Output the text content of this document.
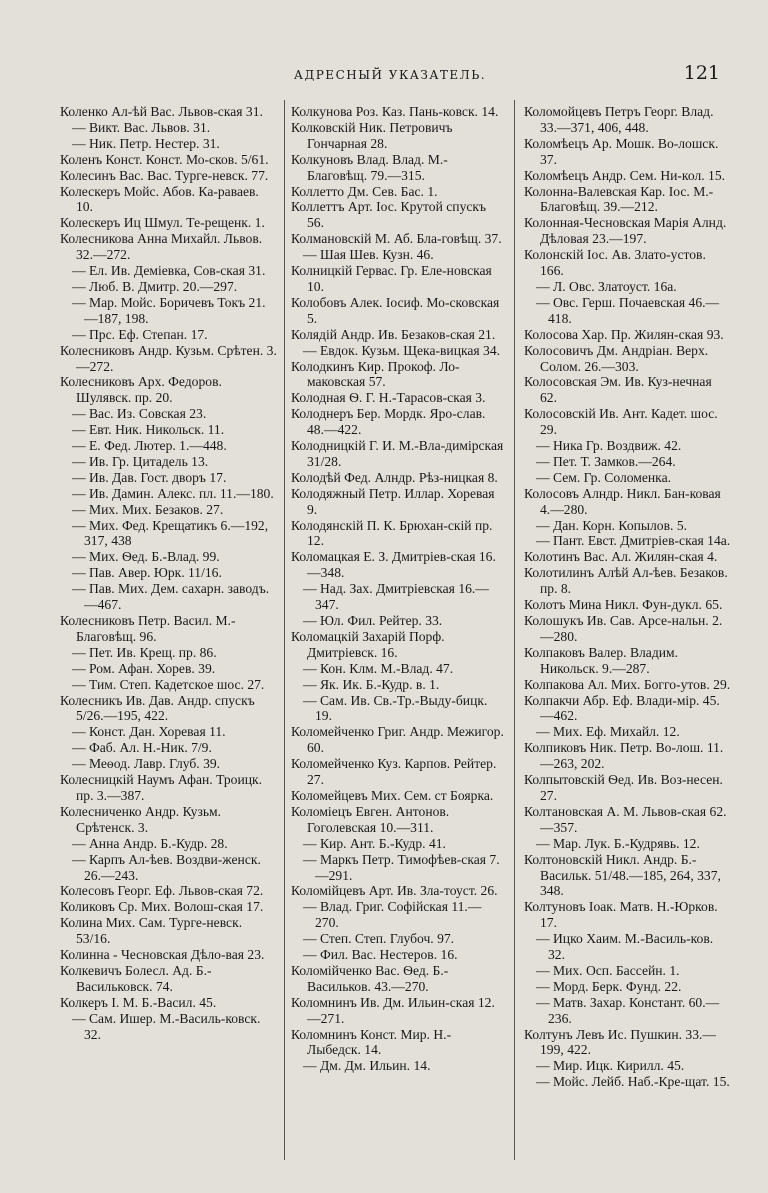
АДРЕСНЫЙ УКАЗАТЕЛЬ.	121

Коленко Ал-ѣй Вас. Львов-ская 31.

— Викт. Вас. Львов. 31.

— Ник. Петр. Нестер. 31.

Коленъ Конст. Конст. Мо-сков. 5/61.

Колесинъ Вас. Вас. Турге-невск. 77.

Колескеръ Мойс. Абов. Ка-раваев. 10.

Колескеръ Иц Шмул. Те-рещенк. 1.

Колесникова Анна Михайл. Львов. 32.—272.

— Ел. Ив. Деміевка, Сов-ская 31.

— Люб. В. Дмитр. 20.—297.

— Мар. Мойс. Боричевъ Токъ 21.—187, 198.

— Прс. Еф. Степан. 17.

Колесниковъ Андр. Кузьм. Срѣтен. 3.—272.

Колесниковъ Арх. Федоров. Шулявск. пр. 20.

— Вас. Из. Совская 23.

— Евт. Ник. Никольск. 11.

— Е. Фед. Лютер. 1.—448.

— Ив. Гр. Цитадель 13.

— Ив. Дав. Гост. дворъ 17.

— Ив. Дамин. Алекс. пл. 11.—180.

— Мих. Мих. Безаков. 27.

— Мих. Фед. Крещатикъ 6.—192, 317, 438

— Мих. Ѳед. Б.-Влад. 99.

— Пав. Авер. Юрк. 11/16.

— Пав. Мих. Дем. сахарн. заводъ.—467.

Колесниковъ Петр. Васил. М.-Благовѣщ. 96.

— Пет. Ив. Крещ. пр. 86.

— Ром. Афан. Хорев. 39.

— Тим. Степ. Кадетское шос. 27.

Колесникъ Ив. Дав. Андр. спускъ 5/26.—195, 422.

— Конст. Дан. Хоревая 11.

— Фаб. Ал. Н.-Ник. 7/9.

— Меѳод. Лавр. Глуб. 39.

Колесницкій Наумъ Афан. Троицк. пр. 3.—387.

Колесниченко Андр. Кузьм. Срѣтенск. 3.

— Анна Андр. Б.-Кудр. 28.

— Карпъ Ал-ѣев. Воздви-женск. 26.—243.

Колесовъ Георг. Еф. Львов-ская 72.

Коликовъ Ср. Мих. Волош-ская 17.

Колина Мих. Сам. Турге-невск. 53/16.

Колинна - Чесновская Дѣло-вая 23.

Колкевичъ Болесл. Ад. Б.-Васильковск. 74.

Колкеръ І. М. Б.-Васил. 45.

— Сам. Ишер. М.-Василь-ковск. 32.

Колкунова Роз. Каз. Пань-ковск. 14.

Колковскій Ник. Петровичъ Гончарная 28.

Колкуновъ Влад. Влад. М.-Благовѣщ. 79.—315.

Коллетто Дм. Сев. Бас. 1.

Коллеттъ Арт. Іос. Крутой спускъ 56.

Колмановскій М. Аб. Бла-говѣщ. 37.

— Шая Шев. Кузн. 46.

Колницкій Гервас. Гр. Еле-новская 10.

Колобовъ Алек. Іосиф. Мо-сковская 5.

Колядій Андр. Ив. Безаков-ская 21.

— Евдок. Кузьм. Щека-вицкая 34.

Колодкинъ Кир. Прокоф. Ло-маковская 57.

Колодная Ѳ. Г. Н.-Тарасов-ская 3.

Колоднеръ Бер. Мордк. Яро-слав. 48.—422.

Колодницкій Г. И. М.-Вла-димірская 31/28.

Колодѣй Фед. Алндр. Рѣз-ницкая 8.

Колодяжный Петр. Иллар. Хоревая 9.

Колодянскій П. К. Брюхан-скій пр. 12.

Коломацкая Е. З. Дмитріев-ская 16.—348.

— Над. Зах. Дмитріевская 16.—347.

— Юл. Фил. Рейтер. 33.

Коломацкій Захарій Порф. Дмитріевск. 16.

— Кон. Клм. М.-Влад. 47.

— Як. Ик. Б.-Кудр. в. 1.

— Сам. Ив. Св.-Тр.-Выду-бицк. 19.

Коломейченко Григ. Андр. Межигор. 60.

Коломейченко Куз. Карпов. Рейтер. 27.

Коломейцевъ Мих. Сем. ст Боярка.

Коломіецъ Евген. Антонов. Гоголевская 10.—311.

— Кир. Ант. Б.-Кудр. 41.

— Маркъ Петр. Тимофѣев-ская 7.—291.

Коломійцевъ Арт. Ив. Зла-тоуст. 26.

— Влад. Григ. Софійская 11.—270.

— Степ. Степ. Глубоч. 97.

— Фил. Вас. Нестеров. 16.

Коломійченко Вас. Ѳед. Б.-Васильков. 43.—270.

Коломнинъ Ив. Дм. Ильин-ская 12.—271.

Коломнинъ Конст. Мир. Н.-Лыбедск. 14.

— Дм. Дм. Ильин. 14.

Коломойцевъ Петръ Георг. Влад. 33.—371, 406, 448.

Коломѣецъ Ар. Мошк. Во-лошск. 37.

Коломѣецъ Андр. Сем. Ни-кол. 15.

Колонна-Валевская Кар. Іос. М.-Благовѣщ. 39.—212.

Колонная-Чесновская Марія Алнд. Дѣловая 23.—197.

Колонскій Іос. Ав. Злато-устов. 166.

— Л. Овс. Златоуст. 16а.

— Овс. Герш. Почаевская 46.—418.

Колосова Хар. Пр. Жилян-ская 93.

Колосовичъ Дм. Андріан. Верх. Солом. 26.—303.

Колосовская Эм. Ив. Куз-нечная 62.

Колосовскій Ив. Ант. Кадет. шос. 29.

— Ника Гр. Воздвиж. 42.

— Пет. Т. Замков.—264.

— Сем. Гр. Соломенка.

Колосовъ Алндр. Никл. Бан-ковая 4.—280.

— Дан. Корн. Копылов. 5.

— Пант. Евст. Дмитріев-ская 14а.

Колотинъ Вас. Ал. Жилян-ская 4.

Колотилинъ Алѣй Ал-ѣев. Безаков. пр. 8.

Колотъ Мина Никл. Фун-дукл. 65.

Колошукъ Ив. Сав. Арсе-нальн. 2.—280.

Колпаковъ Валер. Владим. Никольск. 9.—287.

Колпакова Ал. Мих. Богго-утов. 29.

Колпакчи Абр. Еф. Влади-мір. 45.—462.

— Мих. Еф. Михайл. 12.

Колпиковъ Ник. Петр. Во-лош. 11.—263, 202.

Колпытовскій Ѳед. Ив. Воз-несен. 27.

Колтановская А. М. Львов-ская 62.—357.

— Мар. Лук. Б.-Кудрявь. 12.

Колтоновскій Никл. Андр. Б.-Васильк. 51/48.—185, 264, 337, 348.

Колтуновъ Іоак. Матв. Н.-Юрков. 17.

— Ицко Хаим. М.-Василь-ков. 32.

— Мих. Осп. Бассейн. 1.

— Морд. Берк. Фунд. 22.

— Матв. Захар. Констант. 60.—236.

Колтунъ Левъ Ис. Пушкин. 33.—199, 422.

— Мир. Ицк. Кирилл. 45.

— Мойс. Лейб. Наб.-Кре-щат. 15.
